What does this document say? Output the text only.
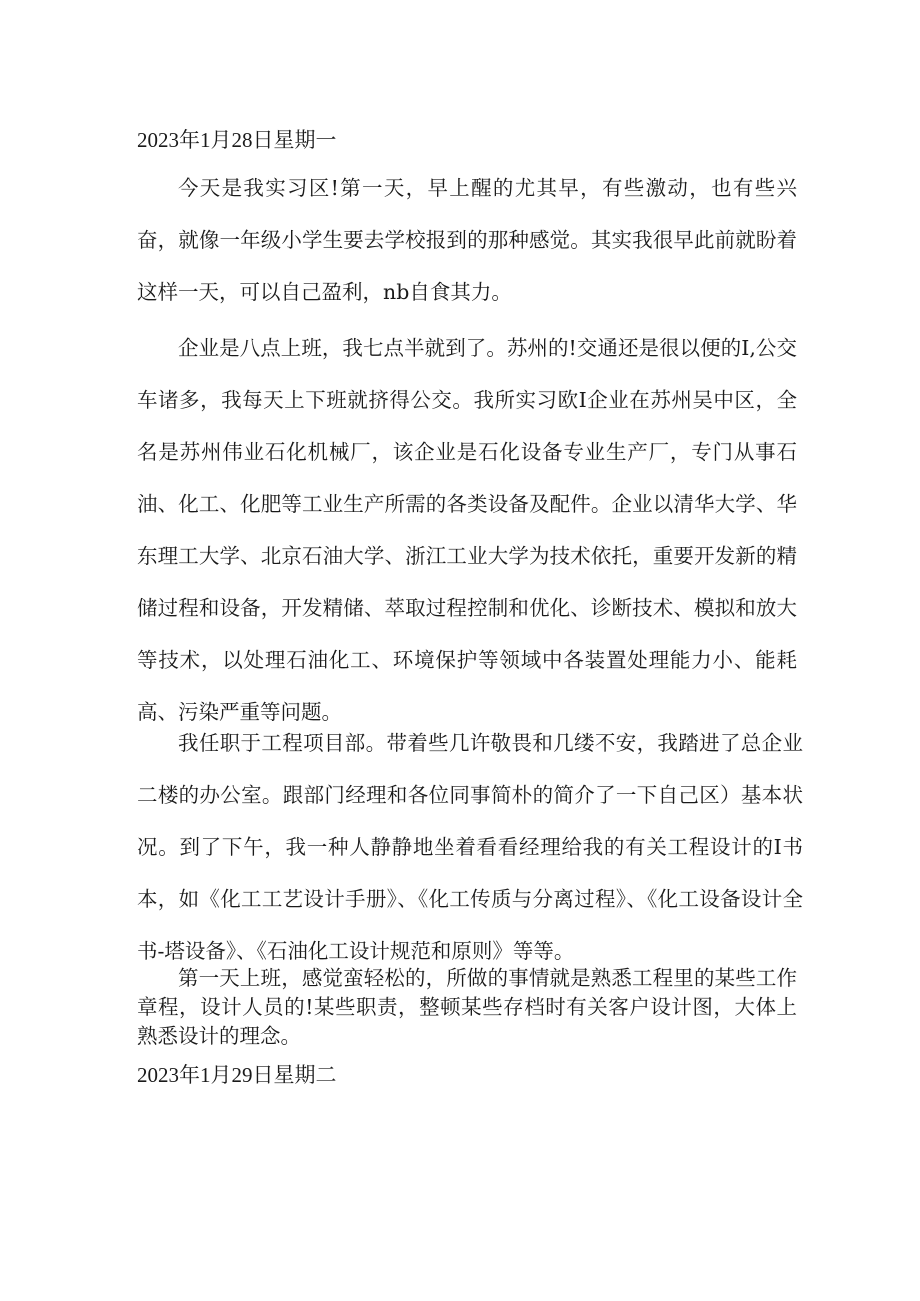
2023年1月28日星期一

今天是我实习区!第一天，早上醒的尤其早，有些激动，也有些兴奋，就像一年级小学生要去学校报到的那种感觉。其实我很早此前就盼着这样一天，可以自己盈利，nb自食其力。

企业是八点上班，我七点半就到了。苏州的!交通还是很以便的I,公交车诸多，我每天上下班就挤得公交。我所实习欧I企业在苏州吴中区，全名是苏州伟业石化机械厂，该企业是石化设备专业生产厂，专门从事石油、化工、化肥等工业生产所需的各类设备及配件。企业以清华大学、华东理工大学、北京石油大学、浙江工业大学为技术依托，重要开发新的精储过程和设备，开发精储、萃取过程控制和优化、诊断技术、模拟和放大等技术，以处理石油化工、环境保护等领域中各装置处理能力小、能耗高、污染严重等问题。

我任职于工程项目部。带着些几许敬畏和几缕不安，我踏进了总企业二楼的办公室。跟部门经理和各位同事简朴的简介了一下自己区）基本状况。到了下午，我一种人静静地坐着看看经理给我的有关工程设计的I书本，如《化工工艺设计手册》、《化工传质与分离过程》、《化工设备设计全书-塔设备》、《石油化工设计规范和原则》等等。

第一天上班，感觉蛮轻松的，所做的事情就是熟悉工程里的某些工作章程，设计人员的!某些职责，整顿某些存档时有关客户设计图，大体上熟悉设计的理念。

2023年1月29日星期二
